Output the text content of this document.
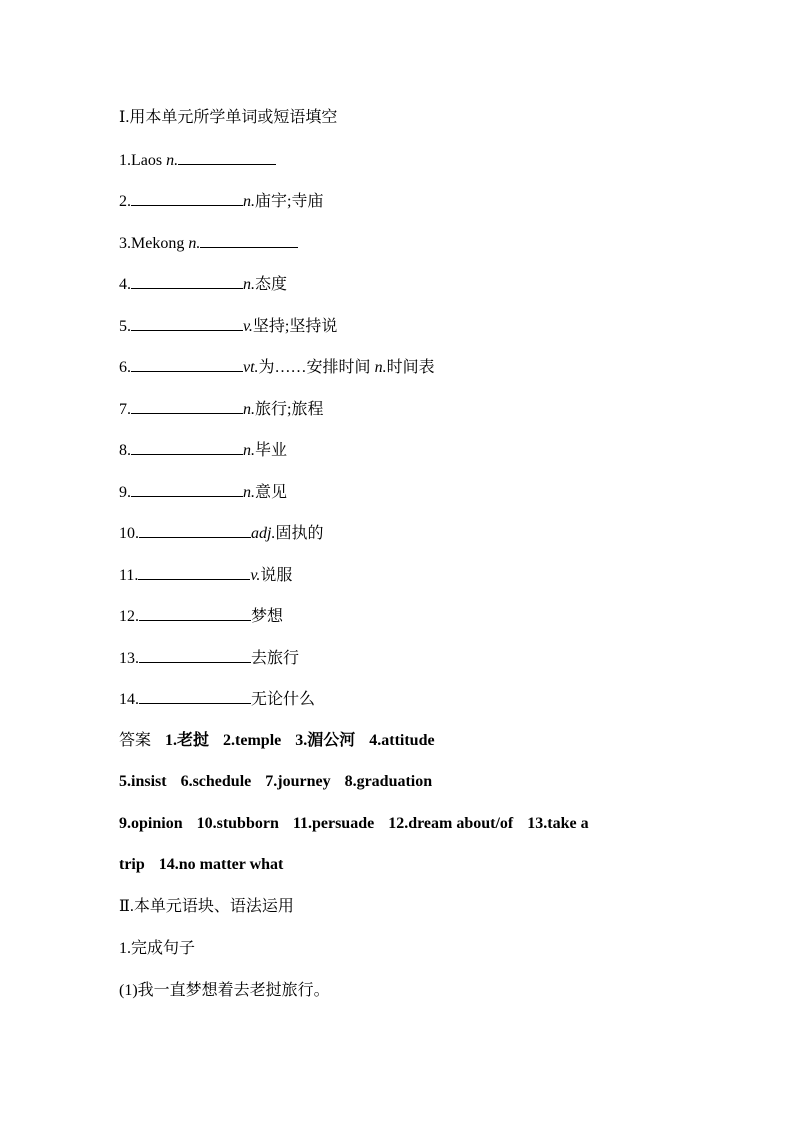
Ⅰ.用本单元所学单词或短语填空
1.Laos n.
2.	n.庙宇;寺庙
3.Mekong n.
4.	n.态度
5.	v.坚持;坚持说
6.	vt.为……安排时间 n.时间表
7.	n.旅行;旅程
8.	n.毕业
9.	n.意见
10.	adj.固执的
11.	v.说服
12.	梦想
13.	去旅行
14.	无论什么
答案 1.老挝 2.temple 3.湄公河 4.attitude
5.insist 6.schedule 7.journey 8.graduation
9.opinion 10.stubborn 11.persuade 12.dream about/of 13.take a
trip 14.no matter what
Ⅱ.本单元语块、语法运用
1.完成句子
(1)我一直梦想着去老挝旅行。
